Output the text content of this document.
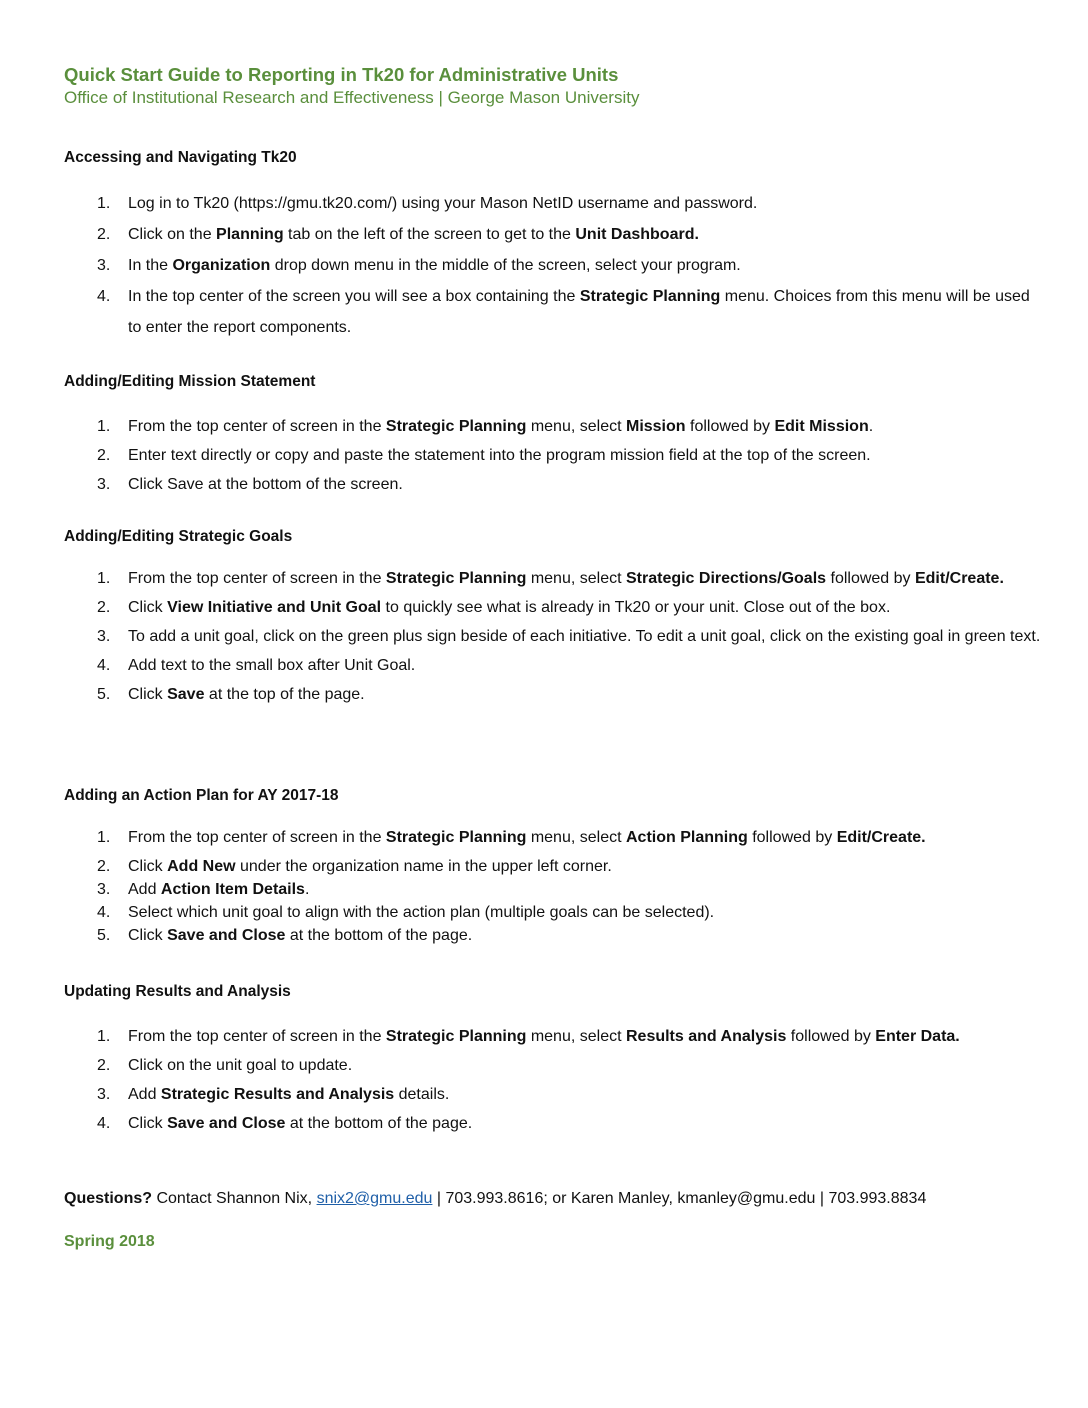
Quick Start Guide to Reporting in Tk20 for Administrative Units
Office of Institutional Research and Effectiveness | George Mason University
Accessing and Navigating Tk20
1. Log in to Tk20 (https://gmu.tk20.com/) using your Mason NetID username and password.
2. Click on the Planning tab on the left of the screen to get to the Unit Dashboard.
3. In the Organization drop down menu in the middle of the screen, select your program.
4. In the top center of the screen you will see a box containing the Strategic Planning menu. Choices from this menu will be used to enter the report components.
Adding/Editing Mission Statement
1. From the top center of screen in the Strategic Planning menu, select Mission followed by Edit Mission.
2. Enter text directly or copy and paste the statement into the program mission field at the top of the screen.
3. Click Save at the bottom of the screen.
Adding/Editing Strategic Goals
1. From the top center of screen in the Strategic Planning menu, select Strategic Directions/Goals followed by Edit/Create.
2. Click View Initiative and Unit Goal to quickly see what is already in Tk20 or your unit. Close out of the box.
3. To add a unit goal, click on the green plus sign beside of each initiative. To edit a unit goal, click on the existing goal in green text.
4. Add text to the small box after Unit Goal.
5. Click Save at the top of the page.
Adding an Action Plan for AY 2017-18
1. From the top center of screen in the Strategic Planning menu, select Action Planning followed by Edit/Create.
2. Click Add New under the organization name in the upper left corner.
3. Add Action Item Details.
4. Select which unit goal to align with the action plan (multiple goals can be selected).
5. Click Save and Close at the bottom of the page.
Updating Results and Analysis
1. From the top center of screen in the Strategic Planning menu, select Results and Analysis followed by Enter Data.
2. Click on the unit goal to update.
3. Add Strategic Results and Analysis details.
4. Click Save and Close at the bottom of the page.
Questions? Contact Shannon Nix, snix2@gmu.edu | 703.993.8616; or Karen Manley, kmanley@gmu.edu | 703.993.8834
Spring 2018
